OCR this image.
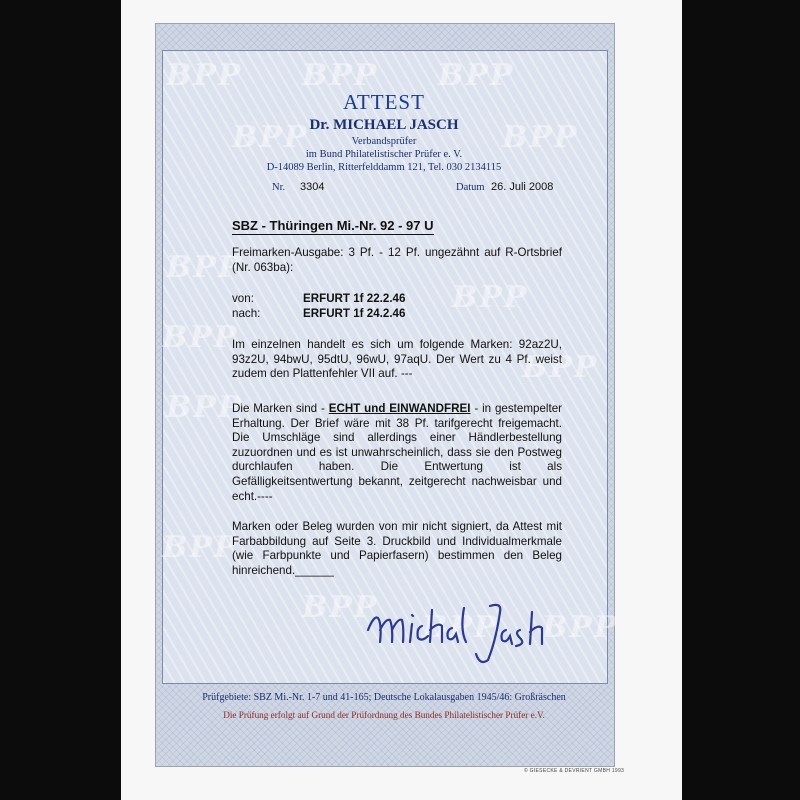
BPP BPP BPP
BPP	BPP
BPP
BPP
BPP
BPP
BPP
BPP
BPP
BPP BPP
ATTEST
Dr. MICHAEL JASCH
Verbandsprüfer
im Bund Philatelistischer Prüfer e. V.
D-14089 Berlin, Ritterfelddamm 121, Tel. 030 2134115
Nr. 3304	Datum 26. Juli 2008
SBZ - Thüringen Mi.-Nr. 92 - 97 U
Freimarken-Ausgabe: 3 Pf. - 12 Pf. ungezähnt auf R-Ortsbrief (Nr. 063ba):
von:	ERFURT 1f 22.2.46
nach:	ERFURT 1f 24.2.46
Im einzelnen handelt es sich um folgende Marken: 92az2U, 93z2U, 94bwU, 95dtU, 96wU, 97aqU. Der Wert zu 4 Pf. weist zudem den Plattenfehler VII auf. ---
Die Marken sind - ECHT und EINWANDFREI - in gestempelter Erhaltung. Der Brief wäre mit 38 Pf. tarifgerecht freigemacht. Die Umschläge sind allerdings einer Händlerbestellung zuzuordnen und es ist unwahrscheinlich, dass sie den Postweg durchlaufen haben. Die Entwertung ist als Gefälligkeitsentwertung bekannt, zeitgerecht nachweisbar und echt.----
Marken oder Beleg wurden von mir nicht signiert, da Attest mit Farbabbildung auf Seite 3. Druckbild und Individualmerkmale (wie Farbpunkte und Papierfasern) bestimmen den Beleg hinreichend.______
Prüfgebiete: SBZ Mi.-Nr. 1-7 und 41-165; Deutsche Lokalausgaben 1945/46: Großräschen
Die Prüfung erfolgt auf Grund der Prüfordnung des Bundes Philatelistischer Prüfer e.V.
© GIESECKE & DEVRIENT GMBH 1993
